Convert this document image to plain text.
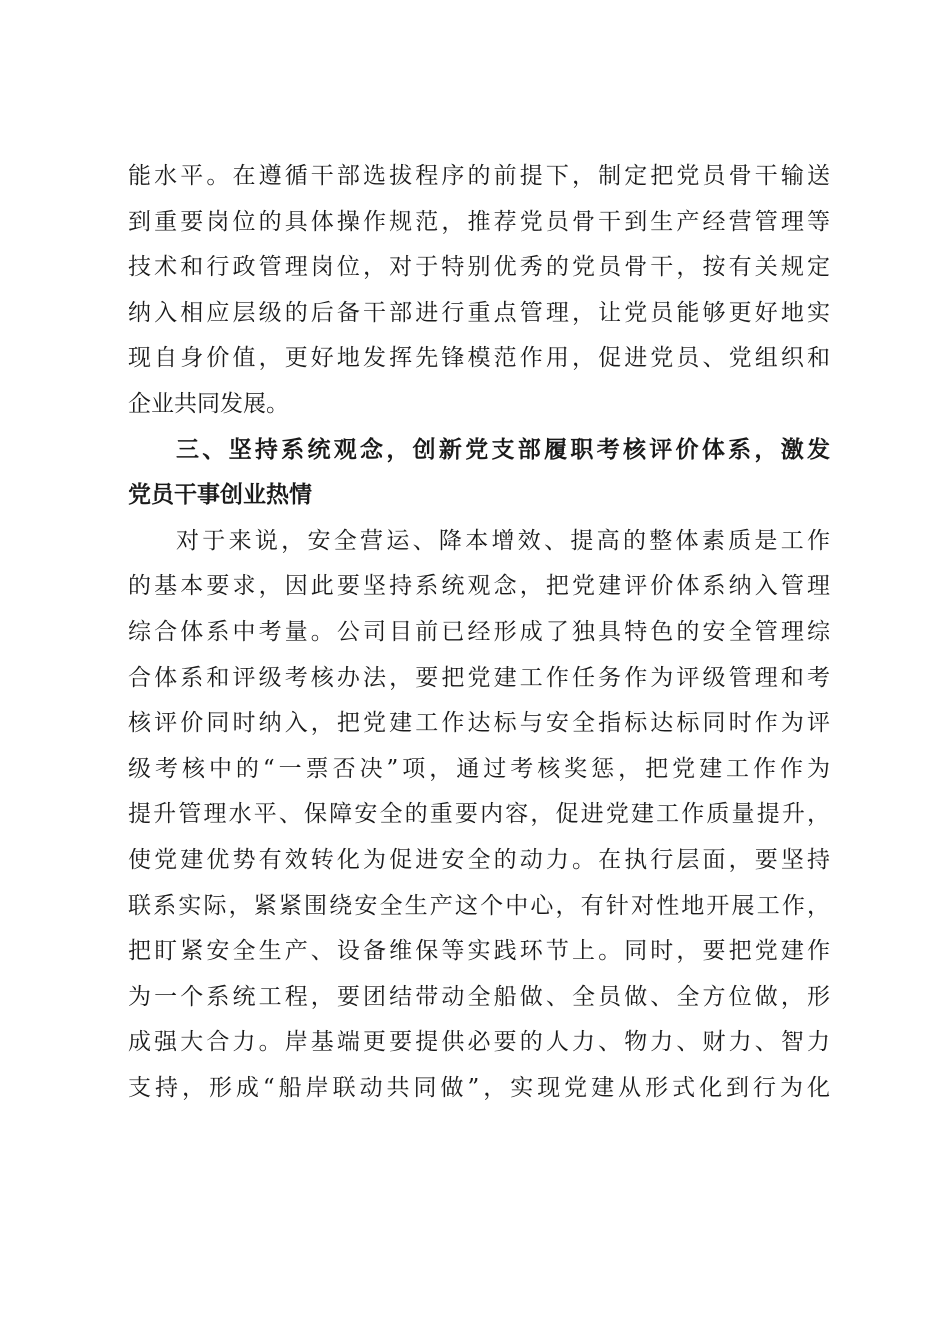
能水平。在遵循干部选拔程序的前提下，制定把党员骨干输送
到重要岗位的具体操作规范，推荐党员骨干到生产经营管理等
技术和行政管理岗位，对于特别优秀的党员骨干，按有关规定
纳入相应层级的后备干部进行重点管理，让党员能够更好地实
现自身价值，更好地发挥先锋模范作用，促进党员、党组织和
企业共同发展。
三、坚持系统观念，创新党支部履职考核评价体系，激发
党员干事创业热情
对于来说，安全营运、降本增效、提高的整体素质是工作
的基本要求，因此要坚持系统观念，把党建评价体系纳入管理
综合体系中考量。公司目前已经形成了独具特色的安全管理综
合体系和评级考核办法，要把党建工作任务作为评级管理和考
核评价同时纳入，把党建工作达标与安全指标达标同时作为评
级考核中的“一票否决”项，通过考核奖惩，把党建工作作为
提升管理水平、保障安全的重要内容，促进党建工作质量提升，
使党建优势有效转化为促进安全的动力。在执行层面，要坚持
联系实际，紧紧围绕安全生产这个中心，有针对性地开展工作，
把盯紧安全生产、设备维保等实践环节上。同时，要把党建作
为一个系统工程，要团结带动全船做、全员做、全方位做，形
成强大合力。岸基端更要提供必要的人力、物力、财力、智力
支持，形成“船岸联动共同做”，实现党建从形式化到行为化
